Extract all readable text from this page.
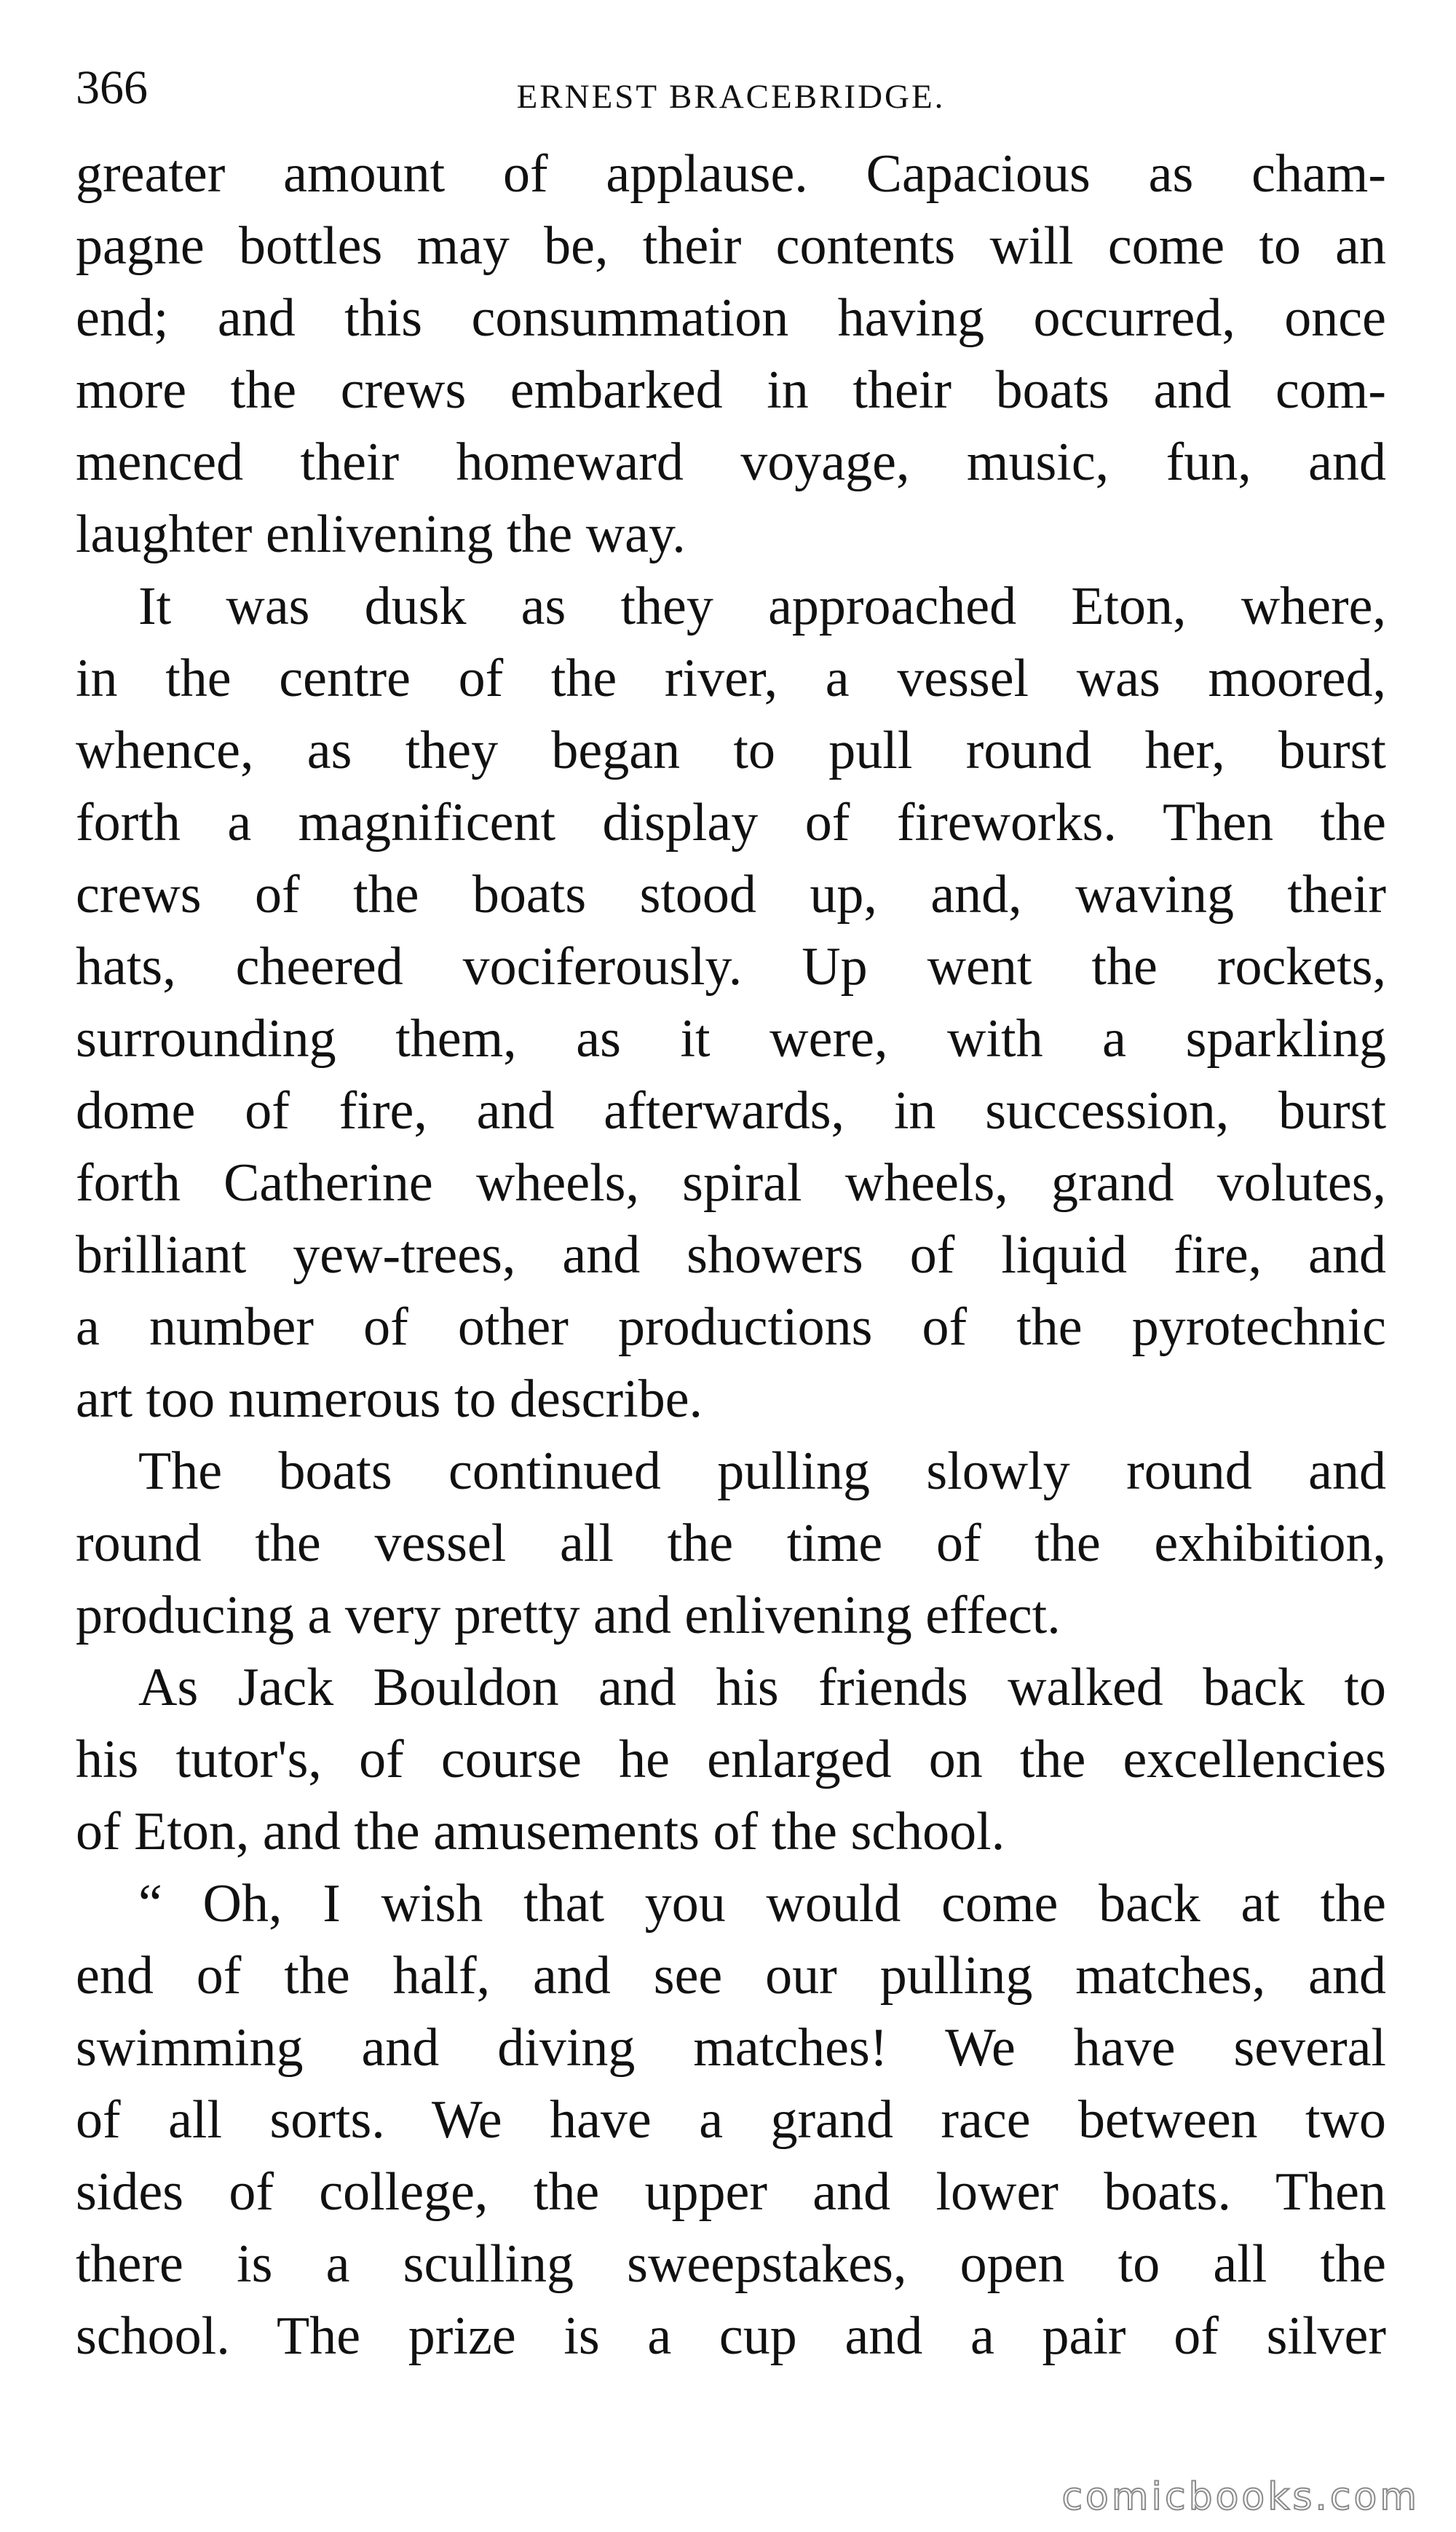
366	ERNEST BRACEBRIDGE.
greater amount of applause. Capacious as cham-
pagne bottles may be, their contents will come to an
end; and this consummation having occurred, once
more the crews embarked in their boats and com-
menced their homeward voyage, music, fun, and
laughter enlivening the way.
It was dusk as they approached Eton, where,
in the centre of the river, a vessel was moored,
whence, as they began to pull round her, burst
forth a magnificent display of fireworks. Then the
crews of the boats stood up, and, waving their
hats, cheered vociferously. Up went the rockets,
surrounding them, as it were, with a sparkling
dome of fire, and afterwards, in succession, burst
forth Catherine wheels, spiral wheels, grand volutes,
brilliant yew-trees, and showers of liquid fire, and
a number of other productions of the pyrotechnic
art too numerous to describe.
The boats continued pulling slowly round and
round the vessel all the time of the exhibition,
producing a very pretty and enlivening effect.
As Jack Bouldon and his friends walked back to
his tutor's, of course he enlarged on the excellencies
of Eton, and the amusements of the school.
“ Oh, I wish that you would come back at the
end of the half, and see our pulling matches, and
swimming and diving matches! We have several
of all sorts. We have a grand race between two
sides of college, the upper and lower boats. Then
there is a sculling sweepstakes, open to all the
school. The prize is a cup and a pair of silver
comicbooks.com
